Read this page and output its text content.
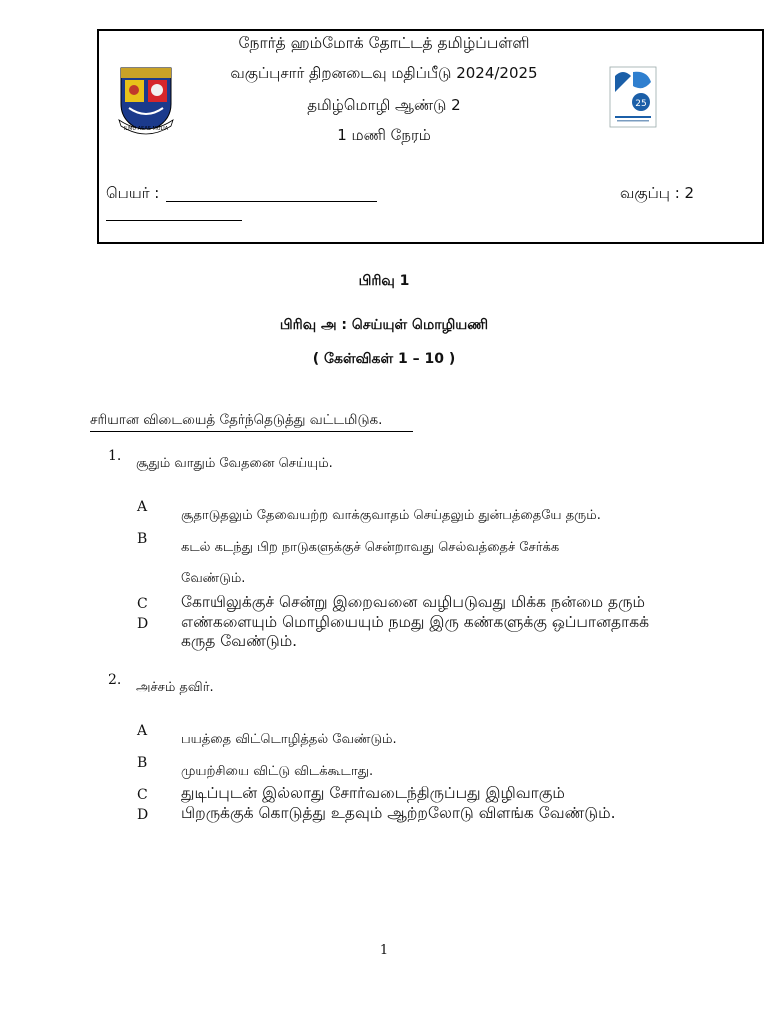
ILMU ASAS MULIA
25
நோர்த் ஹம்மோக் தோட்டத் தமிழ்ப்பள்ளி
வகுப்புசார் திறனடைவு மதிப்பீடு 2024/2025
தமிழ்மொழி ஆண்டு 2
1 மணி நேரம்
பெயர் :	வகுப்பு : 2
பிரிவு 1
பிரிவு அ : செய்யுள் மொழியணி
( கேள்விகள் 1 – 10 )
சரியான விடையைத் தேர்ந்தெடுத்து வட்டமிடுக.
1. சூதும் வாதும் வேதனை செய்யும்.
A
சூதாடுதலும் தேவையற்ற வாக்குவாதம் செய்தலும் துன்பத்தையே தரும்.
B
கடல் கடந்து பிற நாடுகளுக்குச் சென்றாவது செல்வத்தைச் சேர்க்க
வேண்டும்.
C கோயிலுக்குச் சென்று இறைவனை வழிபடுவது மிக்க நன்மை தரும்
D எண்களையும் மொழியையும் நமது இரு கண்களுக்கு ஒப்பானதாகக்
கருத வேண்டும்.
2. அச்சம் தவிர்.
A
பயத்தை விட்டொழித்தல் வேண்டும்.
B
முயற்சியை விட்டு விடக்கூடாது.
C துடிப்புடன் இல்லாது சோர்வடைந்திருப்பது இழிவாகும்
D பிறருக்குக் கொடுத்து உதவும் ஆற்றலோடு விளங்க வேண்டும்.
1
